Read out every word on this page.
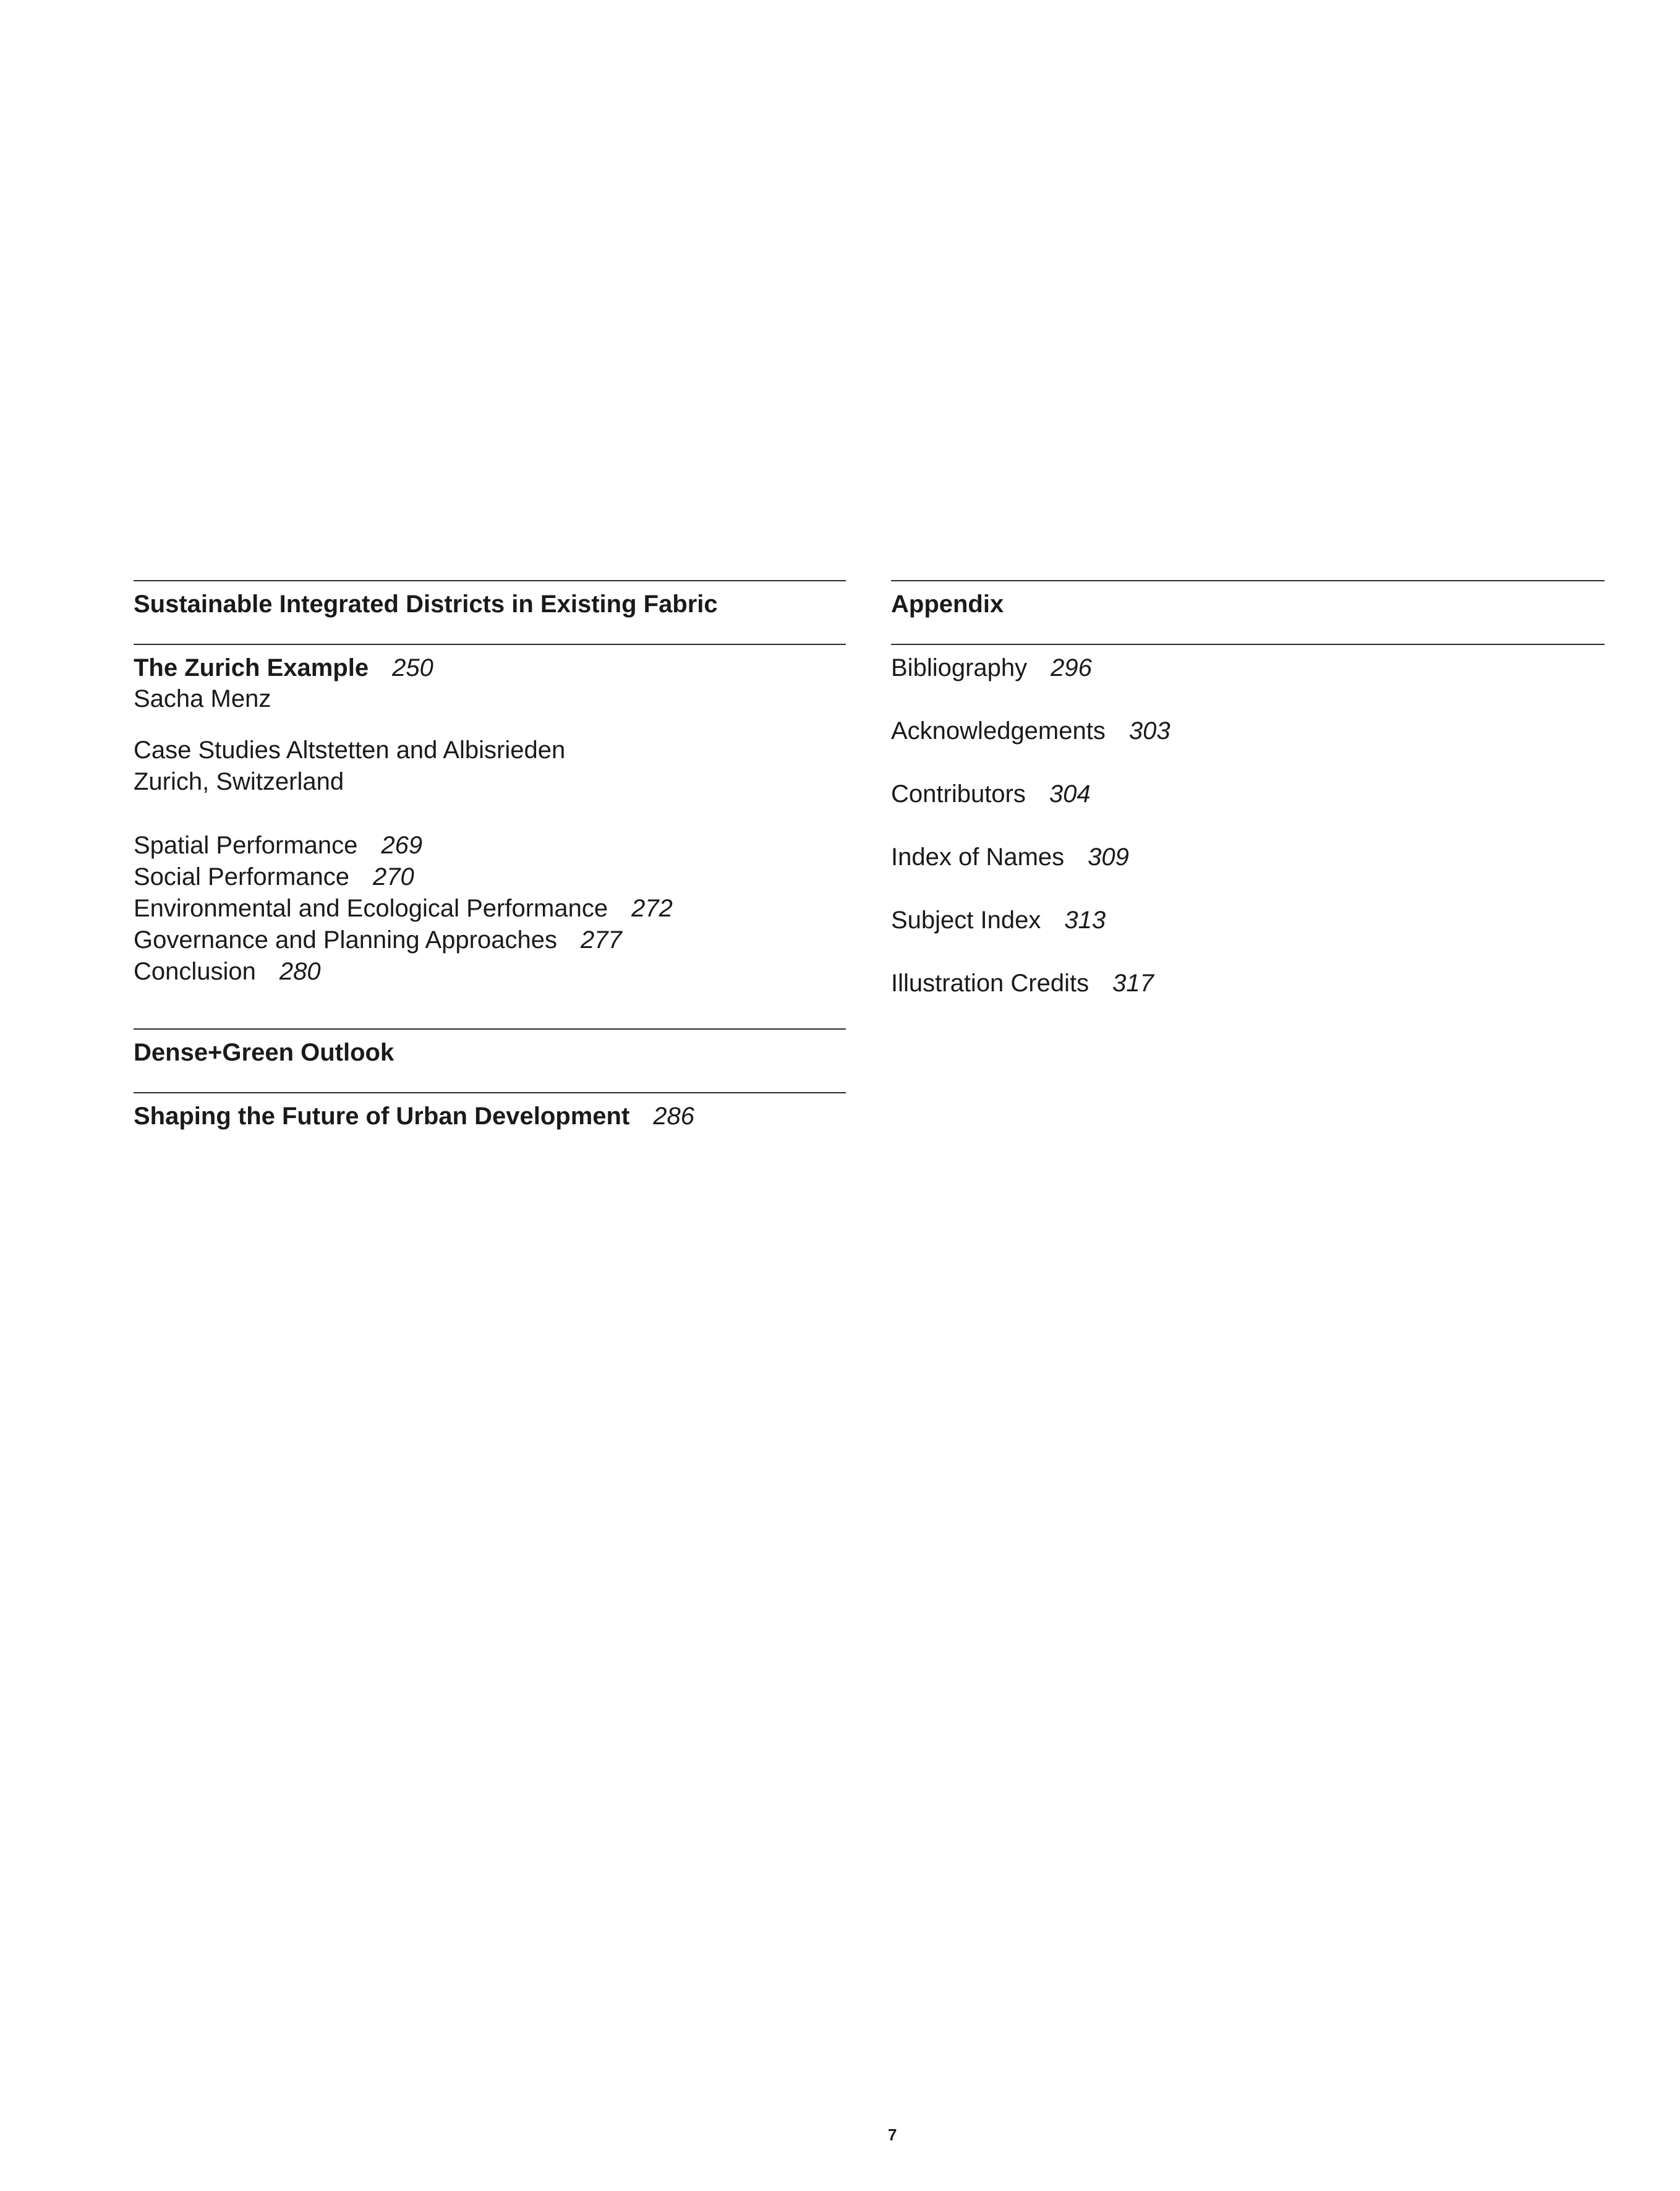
Sustainable Integrated Districts in Existing Fabric
The Zurich Example 250
Sacha Menz
Case Studies Altstetten and Albisrieden
Zurich, Switzerland
Spatial Performance 269
Social Performance 270
Environmental and Ecological Performance 272
Governance and Planning Approaches 277
Conclusion 280
Dense+Green Outlook
Shaping the Future of Urban Development 286
Appendix
Bibliography 296
Acknowledgements 303
Contributors 304
Index of Names 309
Subject Index 313
Illustration Credits 317
7
